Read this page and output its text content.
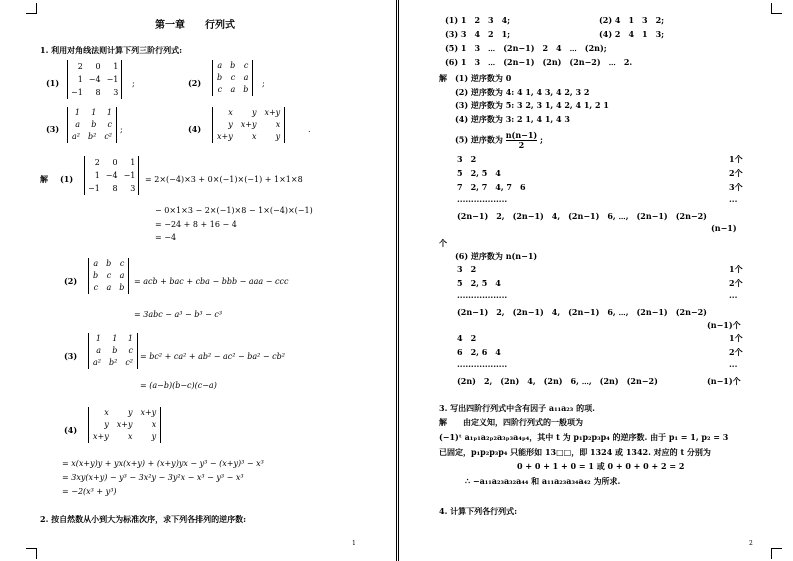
第一章　　行列式
1. 利用对角线法则计算下列三阶行列式:
(1)
2	0	1
1	−4	−1
−1	8	3
;	(2)
a	b	c
b	c	a
c	a	b
;
(3)
1	1	1
a	b	c
a²	b²	c²
;	(4)
x	y	x+y
y	x+y	x
x+y	x	y
.
解 (1)
2	0	1
1	−4	−1
−1	8	3
= 2×(−4)×3 + 0×(−1)×(−1) + 1×1×8
− 0×1×3 − 2×(−1)×8 − 1×(−4)×(−1)
= −24 + 8 + 16 − 4
= −4
(2)
a	b	c
b	c	a
c	a	b
= acb + bac + cba − bbb − aaa − ccc
= 3abc − a³ − b³ − c³
(3)
1	1	1
a	b	c
a²	b²	c²
= bc² + ca² + ab² − ac² − ba² − cb²
= (a−b)(b−c)(c−a)
(4)
x	y	x+y
y	x+y	x
x+y	x	y
= x(x+y)y + yx(x+y) + (x+y)yx − y³ − (x+y)³ − x³
= 3xy(x+y) − y³ − 3x²y − 3y²x − x³ − y³ − x³
= −2(x³ + y³)
2. 按自然数从小到大为标准次序，求下列各排列的逆序数:
1
(1) 1　2　3　4;	(2) 4　1　3　2;
(3) 3　4　2　1;	(4) 2　4　1　3;
(5) 1　3　⋯　(2n−1)　2　4　⋯　(2n);
(6) 1　3　⋯　(2n−1)　(2n)　(2n−2)　⋯　2.
解 (1) 逆序数为 0
(2) 逆序数为 4: 4 1, 4 3, 4 2, 3 2
(3) 逆序数为 5: 3 2, 3 1, 4 2, 4 1, 2 1
(4) 逆序数为 3: 2 1, 4 1, 4 3
(5) 逆序数为 $\frac{n(n-1)}{2}$ ;
3　2	1个
5　2, 5　4	2个
7　2, 7　4, 7　6	3个
··················	···
(2n−1)　2,　(2n−1)　4,　(2n−1)　6, ⋯,　(2n−1)　(2n−2)
(n−1)
个
(6) 逆序数为 n(n−1)
3　2	1个
5　2, 5　4	2个
··················	···
(2n−1)　2,　(2n−1)　4,　(2n−1)　6, ⋯,　(2n−1)　(2n−2)
(n−1)个
4　2	1个
6　2, 6　4	2个
··················	···
(2n)　2,　(2n)　4,　(2n)　6, ⋯,　(2n)　(2n−2)	(n−1)个
3. 写出四阶行列式中含有因子 a₁₁a₂₃ 的项.
解　　由定义知，四阶行列式的一般项为
(−1)ᵗ a₁ₚ₁a₂ₚ₂a₃ₚ₃a₄ₚ₄，其中 t 为 p₁p₂p₃p₄ 的逆序数. 由于 p₁ = 1, p₂ = 3
已固定，p₁p₂p₃p₄ 只能形如 13□□，即 1324 或 1342. 对应的 t 分别为
0 + 0 + 1 + 0 = 1 或 0 + 0 + 0 + 2 = 2
∴ −a₁₁a₂₃a₃₂a₄₄ 和 a₁₁a₂₃a₃₄a₄₂ 为所求.
4. 计算下列各行列式:
2
